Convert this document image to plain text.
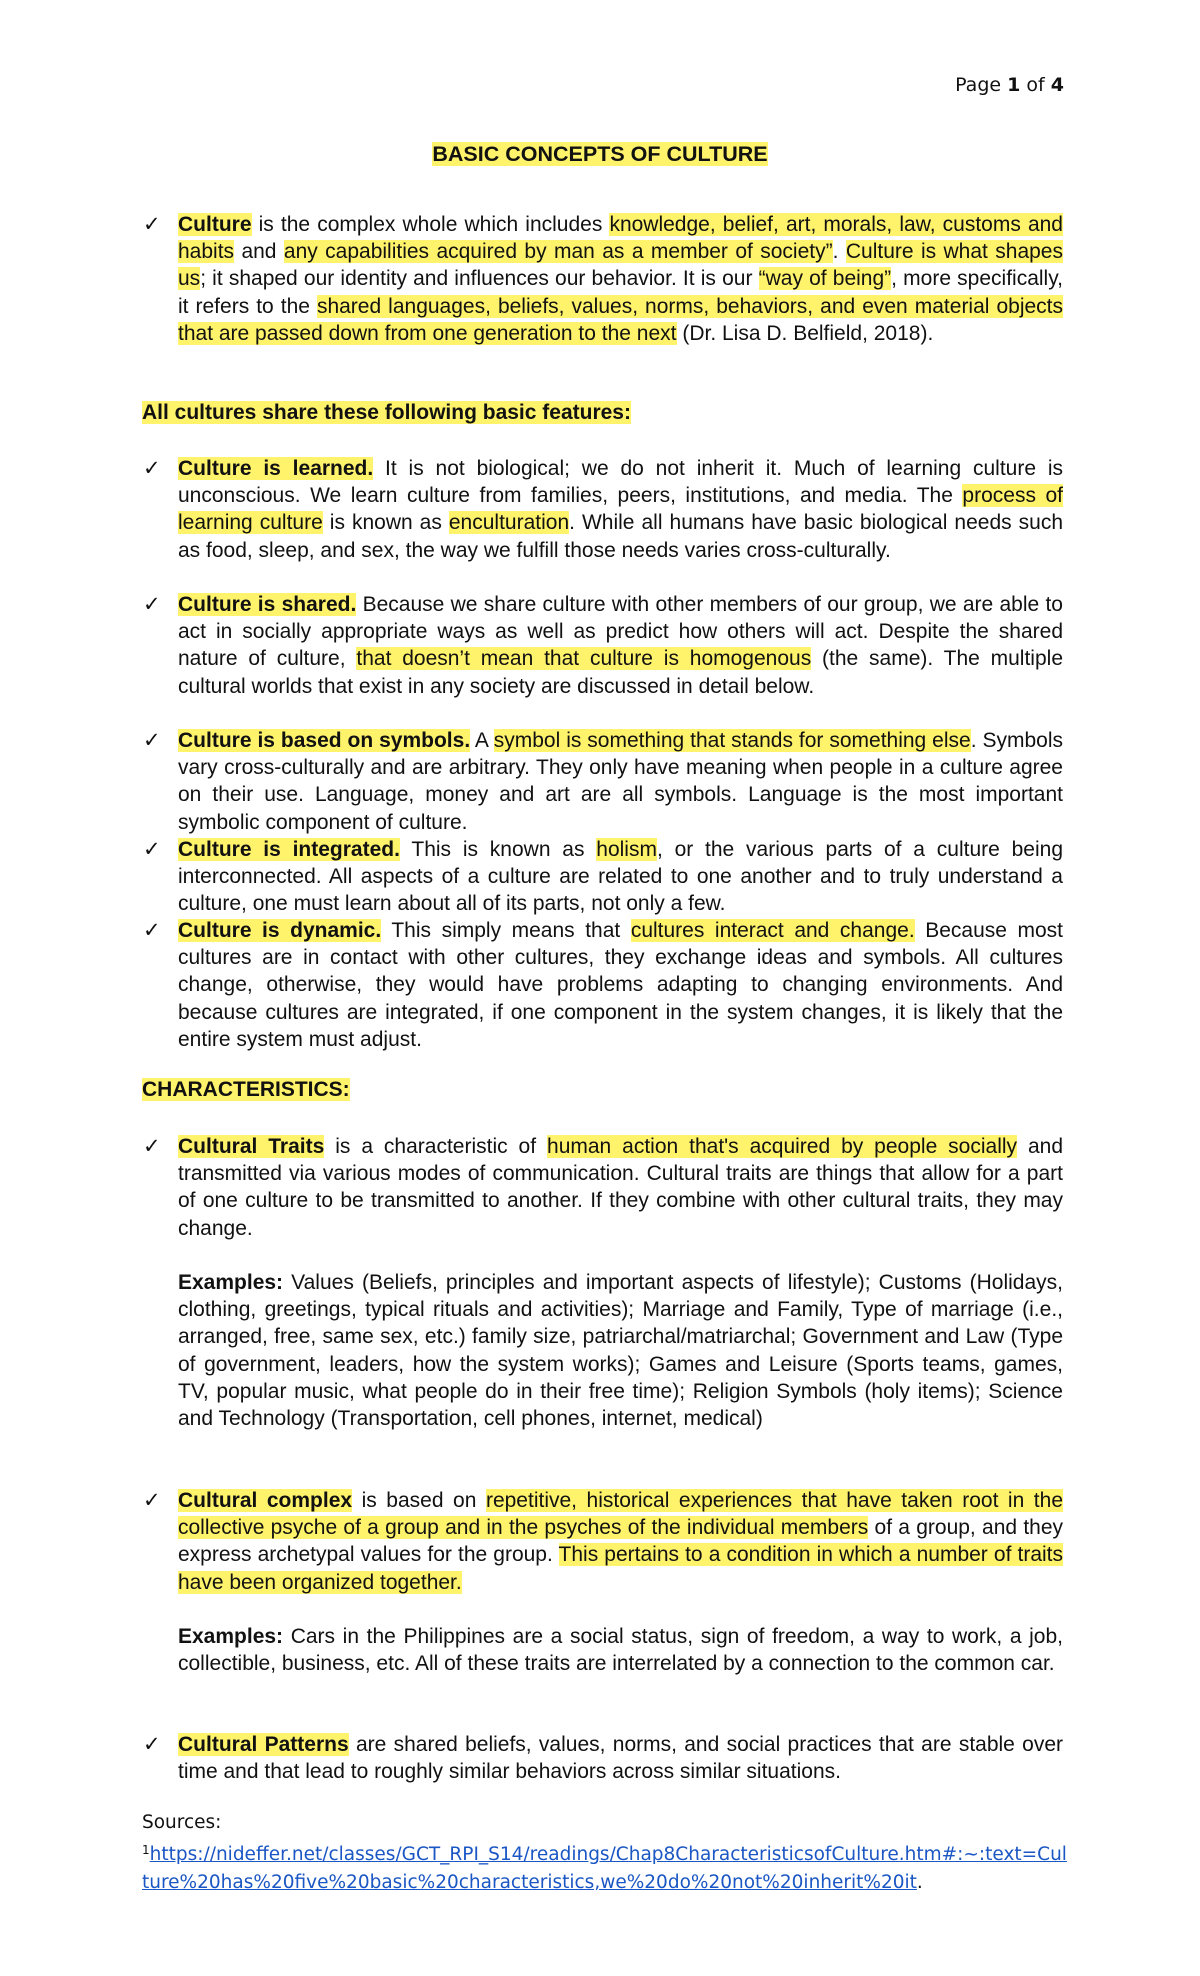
Page 1 of 4
BASIC CONCEPTS OF CULTURE
✓ Culture is the complex whole which includes knowledge, belief, art, morals, law, customs and habits and any capabilities acquired by man as a member of society”. Culture is what shapes us; it shaped our identity and influences our behavior. It is our “way of being”, more specifically, it refers to the shared languages, beliefs, values, norms, behaviors, and even material objects that are passed down from one generation to the next (Dr. Lisa D. Belfield, 2018).
All cultures share these following basic features:
✓ Culture is learned. It is not biological; we do not inherit it. Much of learning culture is unconscious. We learn culture from families, peers, institutions, and media. The process of learning culture is known as enculturation. While all humans have basic biological needs such as food, sleep, and sex, the way we fulfill those needs varies cross-culturally.
✓ Culture is shared. Because we share culture with other members of our group, we are able to act in socially appropriate ways as well as predict how others will act. Despite the shared nature of culture, that doesn’t mean that culture is homogenous (the same). The multiple cultural worlds that exist in any society are discussed in detail below.
✓ Culture is based on symbols. A symbol is something that stands for something else. Symbols vary cross-culturally and are arbitrary. They only have meaning when people in a culture agree on their use. Language, money and art are all symbols. Language is the most important symbolic component of culture.
✓ Culture is integrated. This is known as holism, or the various parts of a culture being interconnected. All aspects of a culture are related to one another and to truly understand a culture, one must learn about all of its parts, not only a few.
✓ Culture is dynamic. This simply means that cultures interact and change. Because most cultures are in contact with other cultures, they exchange ideas and symbols. All cultures change, otherwise, they would have problems adapting to changing environments. And because cultures are integrated, if one component in the system changes, it is likely that the entire system must adjust.
CHARACTERISTICS:
✓ Cultural Traits is a characteristic of human action that's acquired by people socially and transmitted via various modes of communication. Cultural traits are things that allow for a part of one culture to be transmitted to another. If they combine with other cultural traits, they may change.
Examples: Values (Beliefs, principles and important aspects of lifestyle); Customs (Holidays, clothing, greetings, typical rituals and activities); Marriage and Family, Type of marriage (i.e., arranged, free, same sex, etc.) family size, patriarchal/matriarchal; Government and Law (Type of government, leaders, how the system works); Games and Leisure (Sports teams, games, TV, popular music, what people do in their free time); Religion Symbols (holy items); Science and Technology (Transportation, cell phones, internet, medical)
✓ Cultural complex is based on repetitive, historical experiences that have taken root in the collective psyche of a group and in the psyches of the individual members of a group, and they express archetypal values for the group. This pertains to a condition in which a number of traits have been organized together.
Examples: Cars in the Philippines are a social status, sign of freedom, a way to work, a job, collectible, business, etc. All of these traits are interrelated by a connection to the common car.
✓ Cultural Patterns are shared beliefs, values, norms, and social practices that are stable over time and that lead to roughly similar behaviors across similar situations.
Sources:
$^1$https://nideffer.net/classes/GCT_RPI_S14/readings/Chap8CharacteristicsofCulture.htm#:~:text=Culture%20has%20five%20basic%20characteristics,we%20do%20not%20inherit%20it.
